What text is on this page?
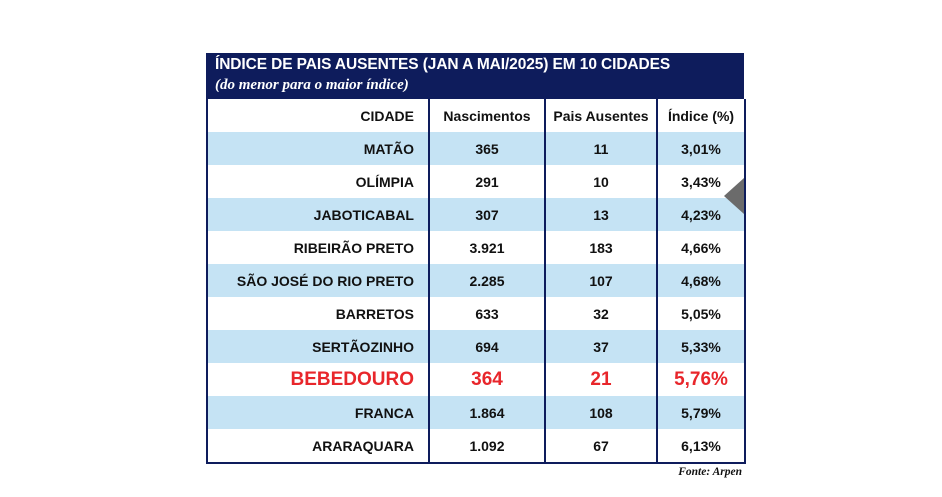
ÍNDICE DE PAIS AUSENTES (JAN A MAI/2025) EM 10 CIDADES
(do menor para o maior índice)
CIDADE	Nascimentos	Pais Ausentes	Índice (%)
MATÃO	365	11	3,01%
OLÍMPIA	291	10	3,43%
JABOTICABAL	307	13	4,23%
RIBEIRÃO PRETO	3.921	183	4,66%
SÃO JOSÉ DO RIO PRETO	2.285	107	4,68%
BARRETOS	633	32	5,05%
SERTÃOZINHO	694	37	5,33%
BEBEDOURO	364	21	5,76%
FRANCA	1.864	108	5,79%
ARARAQUARA	1.092	67	6,13%
Fonte: Arpen
